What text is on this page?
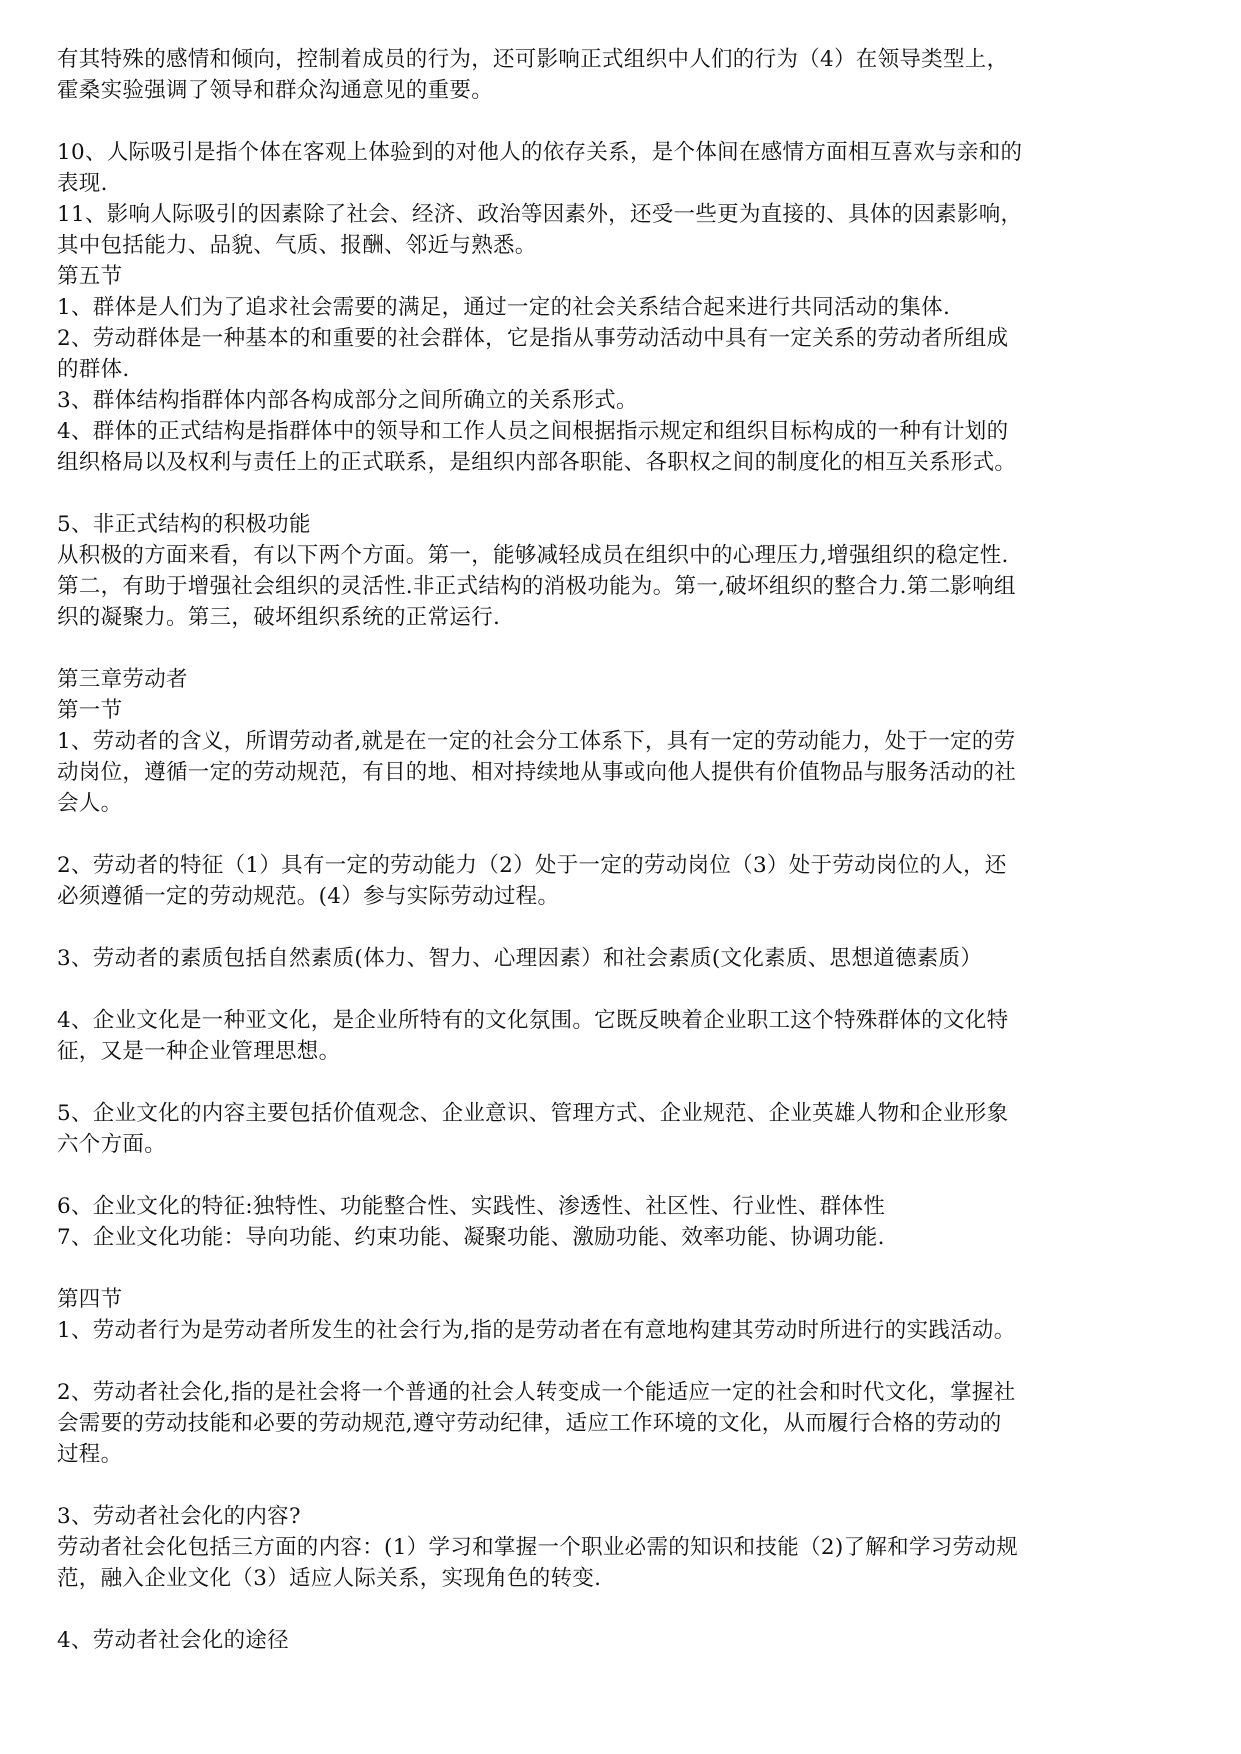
有其特殊的感情和倾向，控制着成员的行为，还可影响正式组织中人们的行为（4）在领导类型上，
霍桑实验强调了领导和群众沟通意见的重要。
10、人际吸引是指个体在客观上体验到的对他人的依存关系，是个体间在感情方面相互喜欢与亲和的
表现.
11、影响人际吸引的因素除了社会、经济、政治等因素外，还受一些更为直接的、具体的因素影响，
其中包括能力、品貌、气质、报酬、邻近与熟悉。
第五节
1、群体是人们为了追求社会需要的满足，通过一定的社会关系结合起来进行共同活动的集体.
2、劳动群体是一种基本的和重要的社会群体，它是指从事劳动活动中具有一定关系的劳动者所组成
的群体.
3、群体结构指群体内部各构成部分之间所确立的关系形式。
4、群体的正式结构是指群体中的领导和工作人员之间根据指示规定和组织目标构成的一种有计划的
组织格局以及权利与责任上的正式联系，是组织内部各职能、各职权之间的制度化的相互关系形式。
5、非正式结构的积极功能
从积极的方面来看，有以下两个方面。第一，能够减轻成员在组织中的心理压力,增强组织的稳定性.
第二，有助于增强社会组织的灵活性.非正式结构的消极功能为。第一,破坏组织的整合力.第二影响组
织的凝聚力。第三，破坏组织系统的正常运行.
第三章劳动者
第一节
1、劳动者的含义，所谓劳动者,就是在一定的社会分工体系下，具有一定的劳动能力，处于一定的劳
动岗位，遵循一定的劳动规范，有目的地、相对持续地从事或向他人提供有价值物品与服务活动的社
会人。
2、劳动者的特征（1）具有一定的劳动能力（2）处于一定的劳动岗位（3）处于劳动岗位的人，还
必须遵循一定的劳动规范。(4）参与实际劳动过程。
3、劳动者的素质包括自然素质(体力、智力、心理因素）和社会素质(文化素质、思想道德素质）
4、企业文化是一种亚文化，是企业所特有的文化氛围。它既反映着企业职工这个特殊群体的文化特
征，又是一种企业管理思想。
5、企业文化的内容主要包括价值观念、企业意识、管理方式、企业规范、企业英雄人物和企业形象
六个方面。
6、企业文化的特征:独特性、功能整合性、实践性、渗透性、社区性、行业性、群体性
7、企业文化功能：导向功能、约束功能、凝聚功能、激励功能、效率功能、协调功能.
第四节
1、劳动者行为是劳动者所发生的社会行为,指的是劳动者在有意地构建其劳动时所进行的实践活动。
2、劳动者社会化,指的是社会将一个普通的社会人转变成一个能适应一定的社会和时代文化，掌握社
会需要的劳动技能和必要的劳动规范,遵守劳动纪律，适应工作环境的文化，从而履行合格的劳动的
过程。
3、劳动者社会化的内容?
劳动者社会化包括三方面的内容：(1）学习和掌握一个职业必需的知识和技能（2)了解和学习劳动规
范，融入企业文化（3）适应人际关系，实现角色的转变.
4、劳动者社会化的途径
